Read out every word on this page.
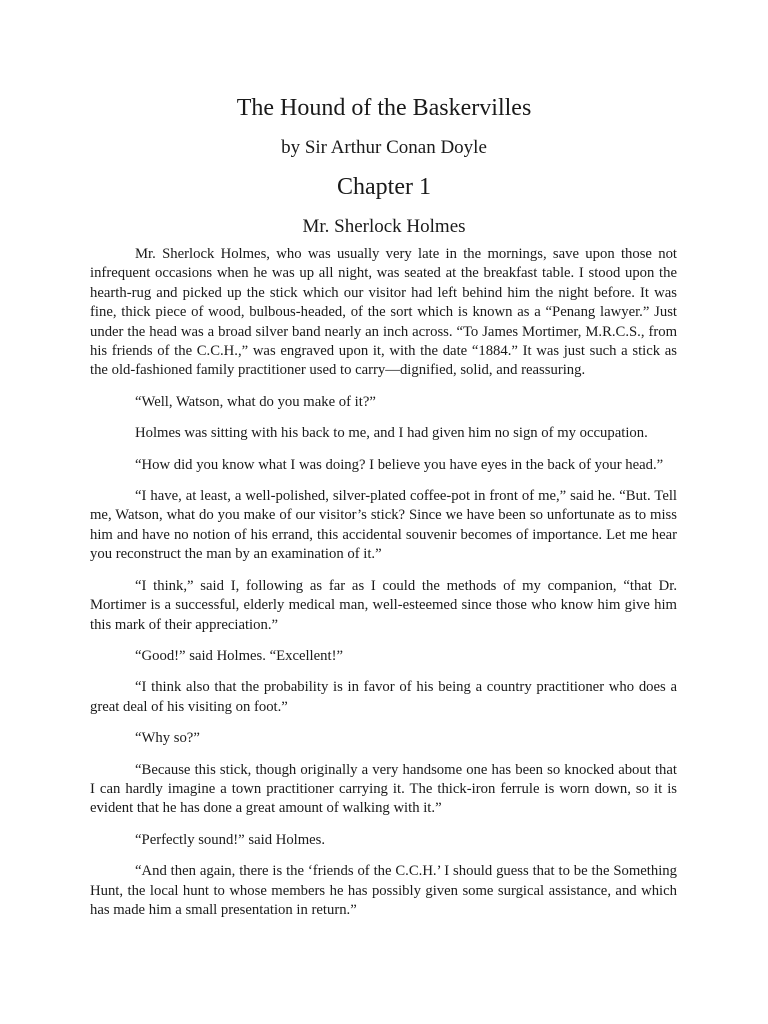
The Hound of the Baskervilles
by Sir Arthur Conan Doyle
Chapter 1
Mr. Sherlock Holmes

Mr. Sherlock Holmes, who was usually very late in the mornings, save upon those not infrequent occasions when he was up all night, was seated at the breakfast table. I stood upon the hearth-rug and picked up the stick which our visitor had left behind him the night before. It was fine, thick piece of wood, bulbous-headed, of the sort which is known as a “Penang lawyer.” Just under the head was a broad silver band nearly an inch across. “To James Mortimer, M.R.C.S., from his friends of the C.C.H.,” was engraved upon it, with the date “1884.” It was just such a stick as the old-fashioned family practitioner used to carry—dignified, solid, and reassuring.

“Well, Watson, what do you make of it?”

Holmes was sitting with his back to me, and I had given him no sign of my occupation.

“How did you know what I was doing? I believe you have eyes in the back of your head.”

“I have, at least, a well-polished, silver-plated coffee-pot in front of me,” said he. “But. Tell me, Watson, what do you make of our visitor’s stick? Since we have been so unfortunate as to miss him and have no notion of his errand, this accidental souvenir becomes of importance. Let me hear you reconstruct the man by an examination of it.”

“I think,” said I, following as far as I could the methods of my companion, “that Dr. Mortimer is a successful, elderly medical man, well-esteemed since those who know him give him this mark of their appreciation.”

“Good!” said Holmes. “Excellent!”

“I think also that the probability is in favor of his being a country practitioner who does a great deal of his visiting on foot.”

“Why so?”

“Because this stick, though originally a very handsome one has been so knocked about that I can hardly imagine a town practitioner carrying it. The thick-iron ferrule is worn down, so it is evident that he has done a great amount of walking with it.”

“Perfectly sound!” said Holmes.

“And then again, there is the ‘friends of the C.C.H.’ I should guess that to be the Something Hunt, the local hunt to whose members he has possibly given some surgical assistance, and which has made him a small presentation in return.”
